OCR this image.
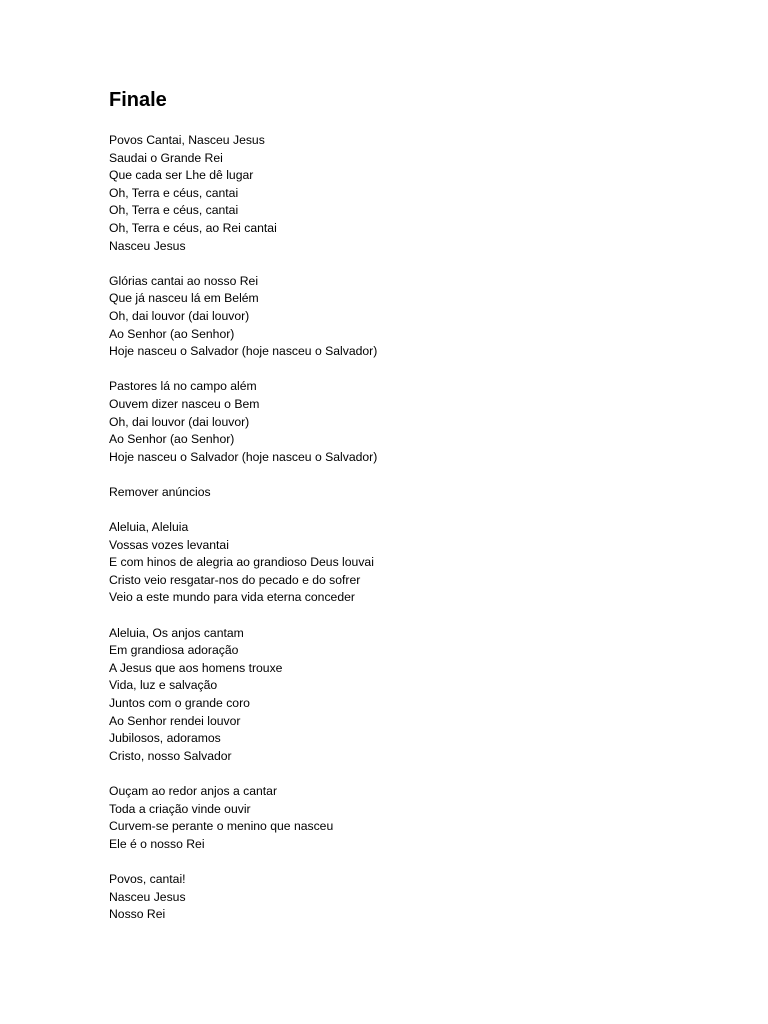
Finale
Povos Cantai, Nasceu Jesus
Saudai o Grande Rei
Que cada ser Lhe dê lugar
Oh, Terra e céus, cantai
Oh, Terra e céus, cantai
Oh, Terra e céus, ao Rei cantai
Nasceu Jesus
Glórias cantai ao nosso Rei
Que já nasceu lá em Belém
Oh, dai louvor (dai louvor)
Ao Senhor (ao Senhor)
Hoje nasceu o Salvador (hoje nasceu o Salvador)
Pastores lá no campo além
Ouvem dizer nasceu o Bem
Oh, dai louvor (dai louvor)
Ao Senhor (ao Senhor)
Hoje nasceu o Salvador (hoje nasceu o Salvador)
Remover anúncios
Aleluia, Aleluia
Vossas vozes levantai
E com hinos de alegria ao grandioso Deus louvai
Cristo veio resgatar-nos do pecado e do sofrer
Veio a este mundo para vida eterna conceder
Aleluia, Os anjos cantam
Em grandiosa adoração
A Jesus que aos homens trouxe
Vida, luz e salvação
Juntos com o grande coro
Ao Senhor rendei louvor
Jubilosos, adoramos
Cristo, nosso Salvador
Ouçam ao redor anjos a cantar
Toda a criação vinde ouvir
Curvem-se perante o menino que nasceu
Ele é o nosso Rei
Povos, cantai!
Nasceu Jesus
Nosso Rei
